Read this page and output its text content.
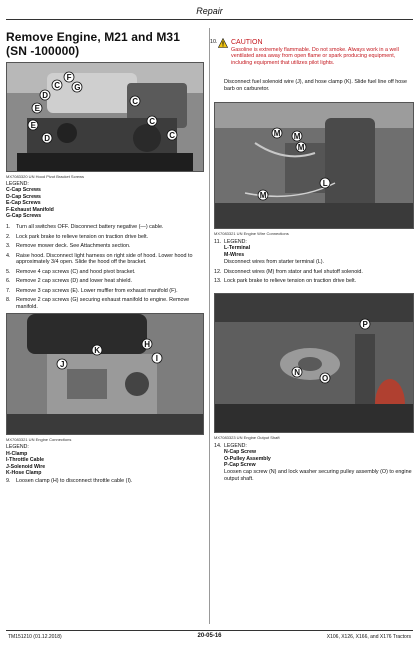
Repair
Remove Engine, M21 and M31 (SN -100000)
C
D
E
F
G
C
C
C
E
D
MX7083320 UN Hood Pivot Bracket Screws
LEGEND:
C-Cap Screws
D-Cap Screws
E-Cap Screws
F-Exhaust Manifold
G-Cap Screws
1.	Turn all switches OFF. Disconnect battery negative (—) cable.
2.	Lock park brake to relieve tension on traction drive belt.
3.	Remove mower deck. See Attachments section.
4.	Raise hood. Disconnect light harness on right side of hood. Lower hood to approximately 3/4 open. Slide the hood off the bracket.
5.	Remove 4 cap screws (C) and hood pivot bracket.
6.	Remove 2 cap screws (D) and lower heat shield.
7.	Remove 3 cap screws (E). Lower muffler from exhaust manifold (F).
8.	Remove 2 cap screws (G) securing exhaust manifold to engine. Remove manifold.
K
H
J
I
MX7083321 UN Engine Connections
LEGEND:
H-Clamp
I-Throttle Cable
J-Solenoid Wire
K-Hose Clamp
9.	Loosen clamp (H) to disconnect throttle cable (I).
10. CAUTION
Gasoline is extremely flammable. Do not smoke. Always work in a well ventilated area away from open flame or spark producing equipment, including equipment that utilizes pilot lights.
Disconnect fuel solenoid wire (J), and hose clamp (K). Slide fuel line off hose barb on carburetor.
M M
M
L
M
MX7083321 UN Engine Wire Connections
11. LEGEND:
L-Terminal
M-Wires
Disconnect wires from starter terminal (L).
12. Disconnect wires (M) from stator and fuel shutoff solenoid.
13. Lock park brake to relieve tension on traction drive belt.
P
N
O
MX7083323 UN Engine Output Shaft
14. LEGEND:
N-Cap Screw
O-Pulley Assembly
P-Cap Screw
Loosen cap screw (N) and lock washer securing pulley assembly (O) to engine output shaft.
TM151210 (01.12.2018)	20-05-16	X106, X126, X166, and X176 Tractors
